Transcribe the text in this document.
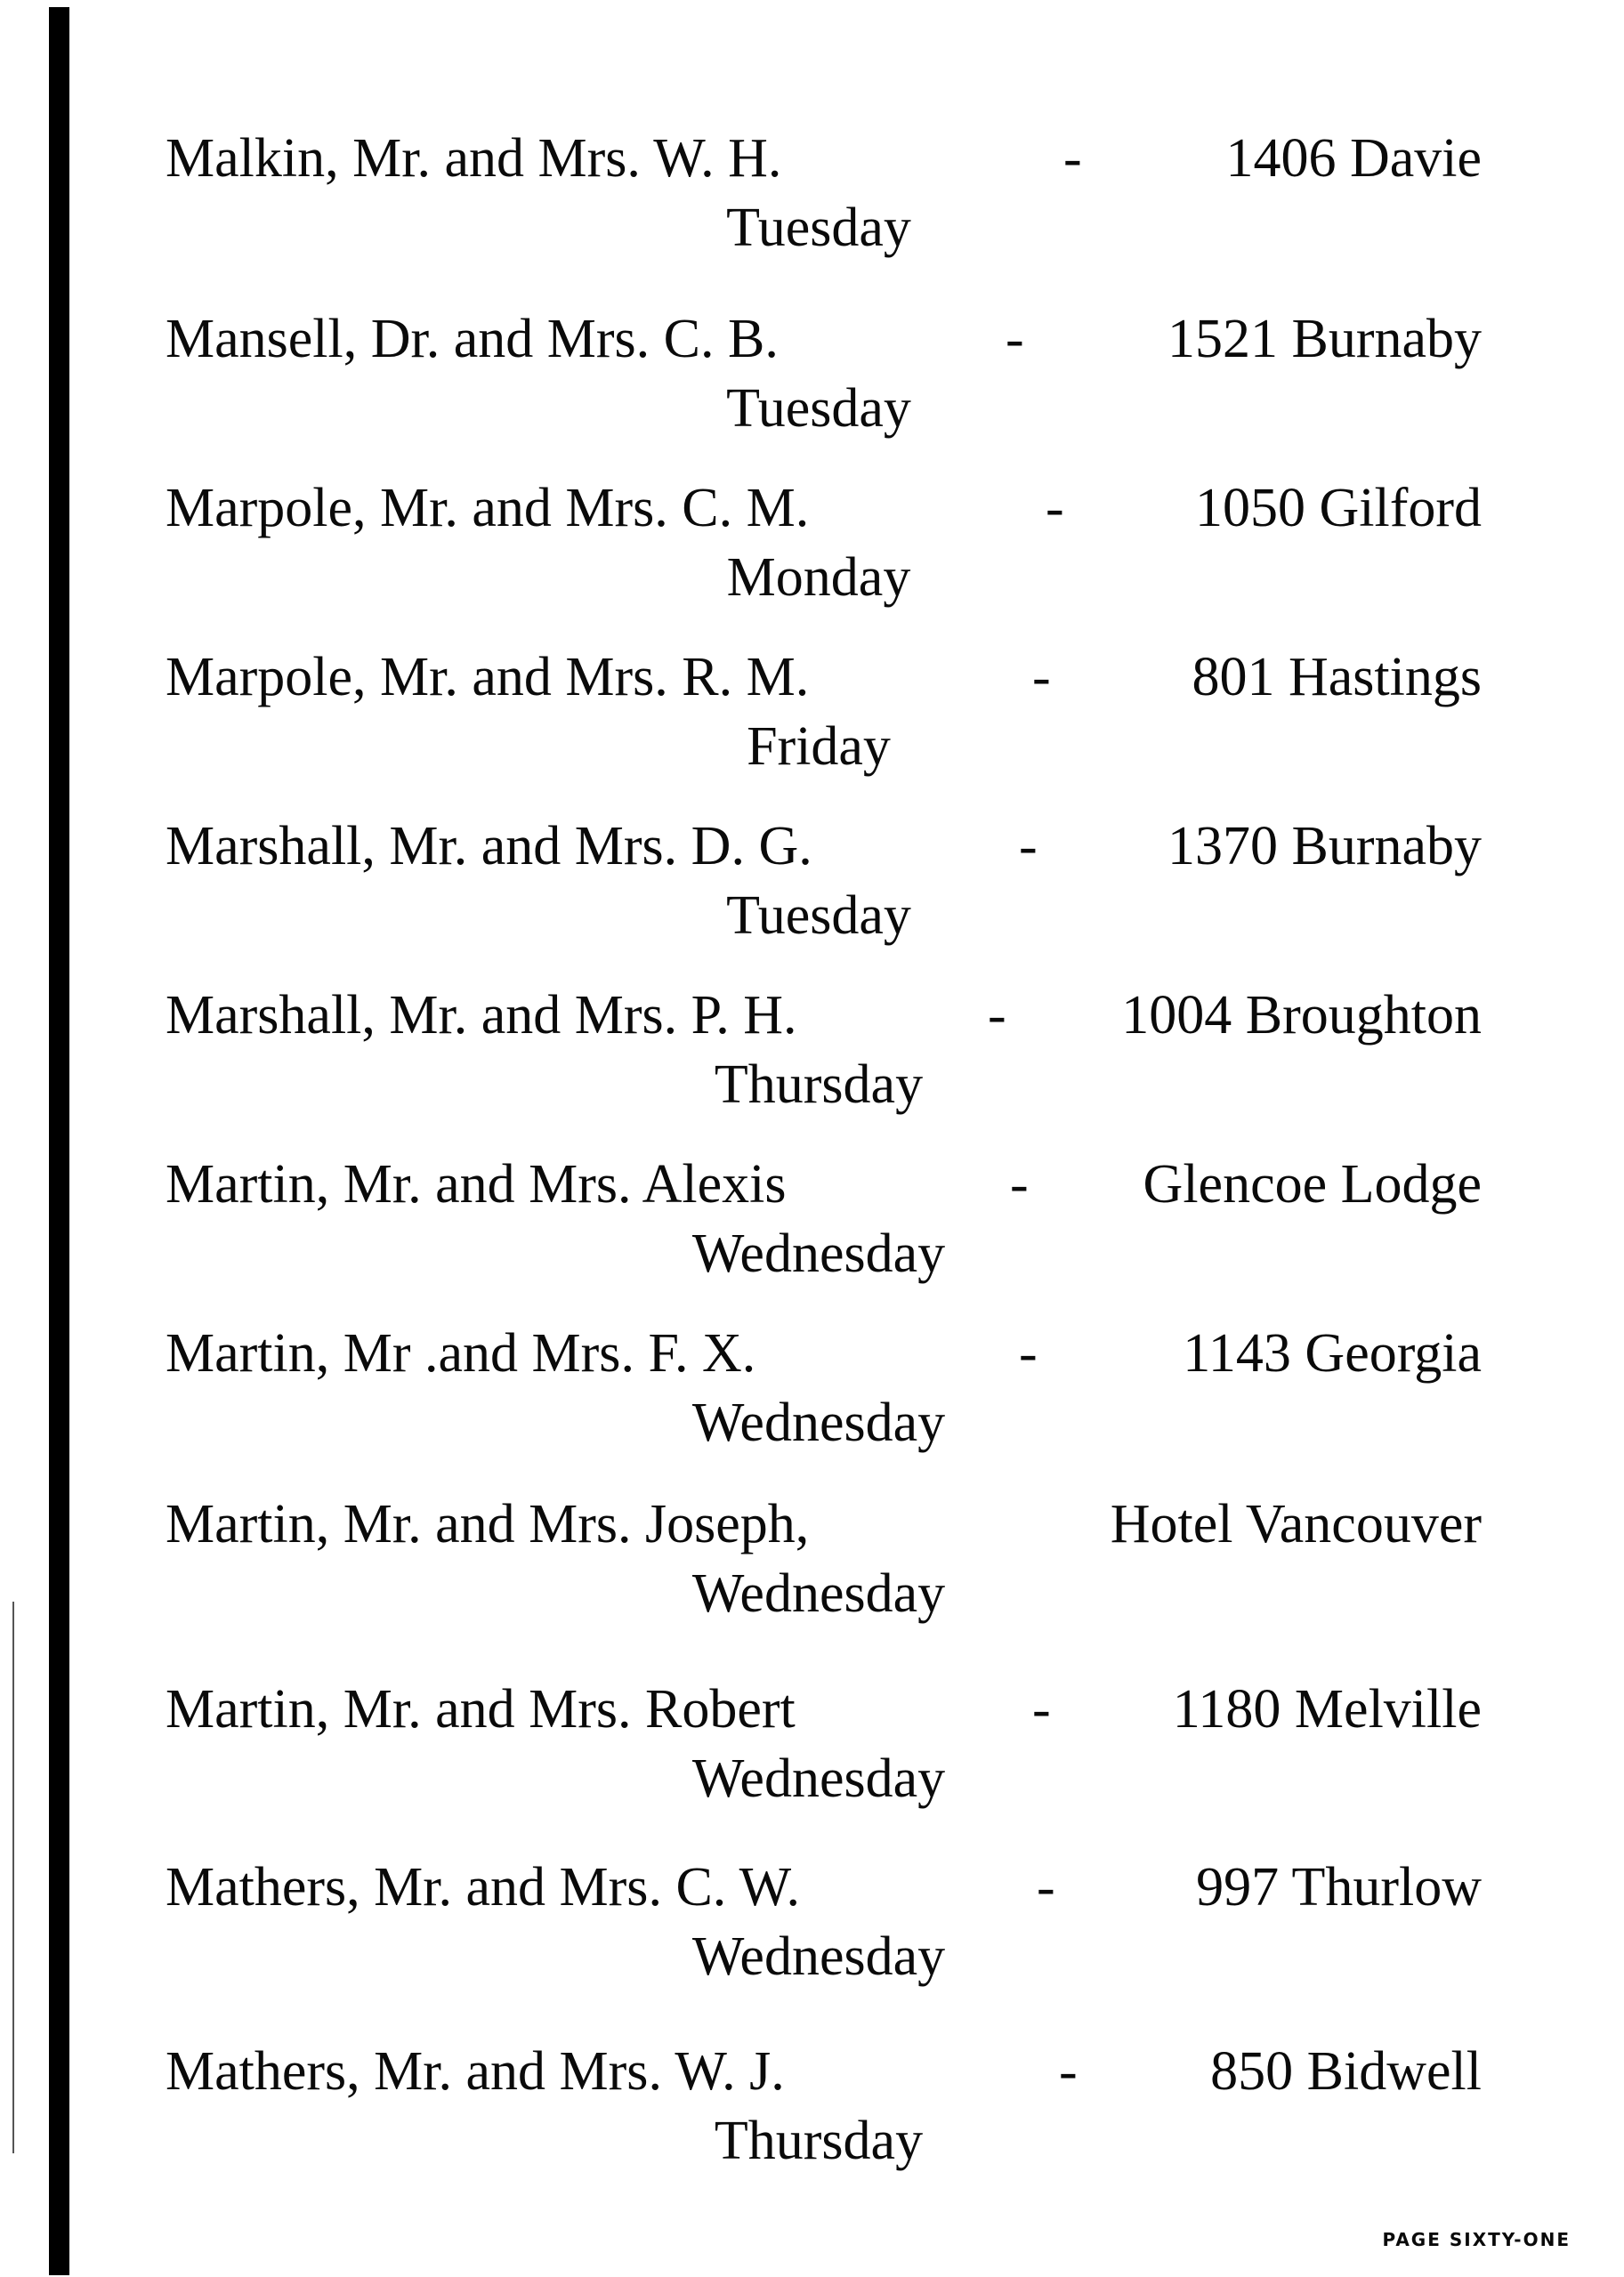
Malkin, Mr. and Mrs. W. H.	-	1406 Davie
Tuesday
Mansell, Dr. and Mrs. C. B.	-	1521 Burnaby
Tuesday
Marpole, Mr. and Mrs. C. M.	- 1050 Gilford
Monday
Marpole, Mr. and Mrs. R. M.	-	801 Hastings
Friday
Marshall, Mr. and Mrs. D. G.	- 1370 Burnaby
Tuesday
Marshall, Mr. and Mrs. P. H.	- 1004 Broughton
Thursday
Martin, Mr. and Mrs. Alexis	- Glencoe Lodge
Wednesday
Martin, Mr .and Mrs. F. X.	-	1143 Georgia
Wednesday
Martin, Mr. and Mrs. Joseph,	Hotel Vancouver
Wednesday
Martin, Mr. and Mrs. Robert	- 1180 Melville
Wednesday
Mathers, Mr. and Mrs. C. W.	-	997 Thurlow
Wednesday
Mathers, Mr. and Mrs. W. J.	- 850 Bidwell
Thursday
PAGE SIXTY-ONE
